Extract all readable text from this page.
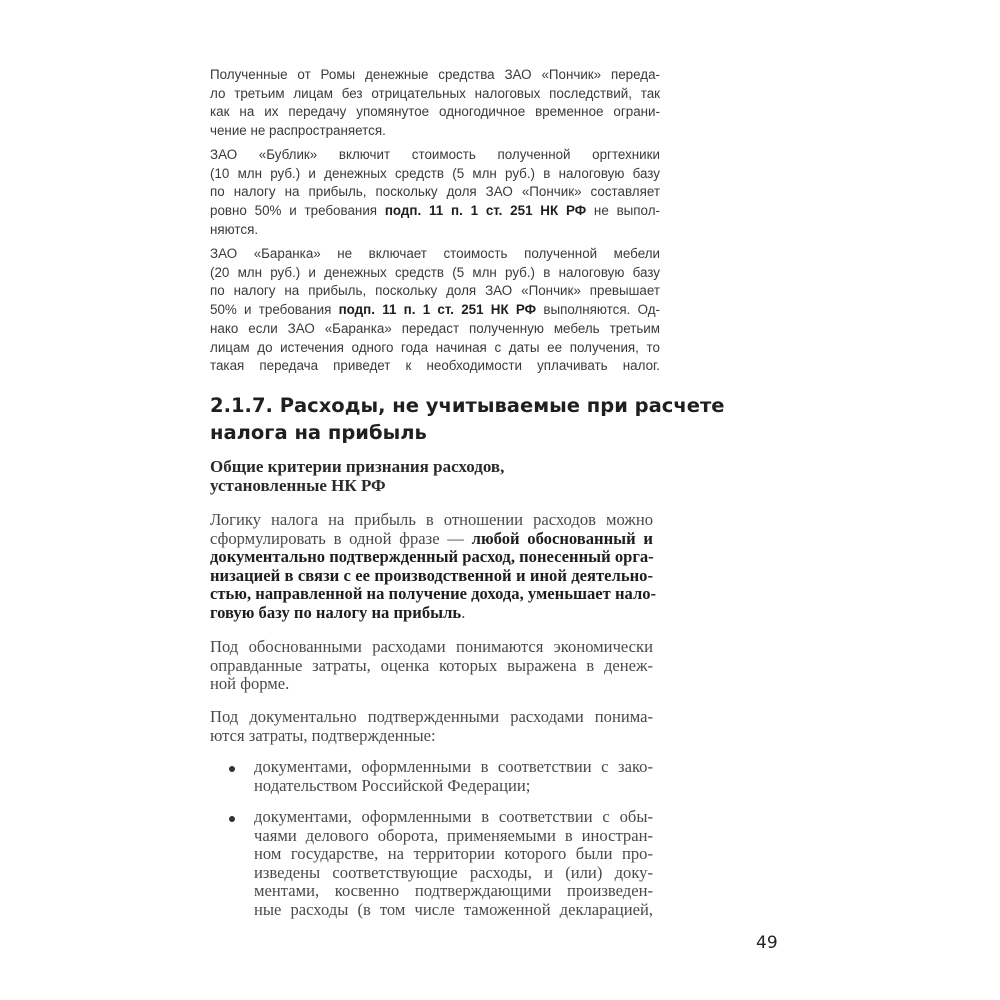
Полученные от Ромы денежные средства ЗАО «Пончик» переда-
ло третьим лицам без отрицательных налоговых последствий, так
как на их передачу упомянутое одногодичное временное ограни-
чение не распространяется.
ЗАО «Бублик» включит стоимость полученной оргтехники
(10 млн руб.) и денежных средств (5 млн руб.) в налоговую базу
по налогу на прибыль, поскольку доля ЗАО «Пончик» составляет
ровно 50% и требования подп. 11 п. 1 ст. 251 НК РФ не выпол-
няются.
ЗАО «Баранка» не включает стоимость полученной мебели
(20 млн руб.) и денежных средств (5 млн руб.) в налоговую базу
по налогу на прибыль, поскольку доля ЗАО «Пончик» превышает
50% и требования подп. 11 п. 1 ст. 251 НК РФ выполняются. Од-
нако если ЗАО «Баранка» передаст полученную мебель третьим
лицам до истечения одного года начиная с даты ее получения, то
такая передача приведет к необходимости уплачивать налог.
2.1.7. Расходы, не учитываемые при расчете
налога на прибыль
Общие критерии признания расходов,
установленные НК РФ
Логику налога на прибыль в отношении расходов можно
сформулировать в одной фразе — любой обоснованный и
документально подтвержденный расход, понесенный орга-
низацией в связи с ее производственной и иной деятельно-
стью, направленной на получение дохода, уменьшает нало-
говую базу по налогу на прибыль.
Под обоснованными расходами понимаются экономически
оправданные затраты, оценка которых выражена в денеж-
ной форме.
Под документально подтвержденными расходами понима-
ются затраты, подтвержденные:
документами, оформленными в соответствии с зако-
нодательством Российской Федерации;
документами, оформленными в соответствии с обы-
чаями делового оборота, применяемыми в иностран-
ном государстве, на территории которого были про-
изведены соответствующие расходы, и (или) доку-
ментами, косвенно подтверждающими произведен-
ные расходы (в том числе таможенной декларацией,
49
